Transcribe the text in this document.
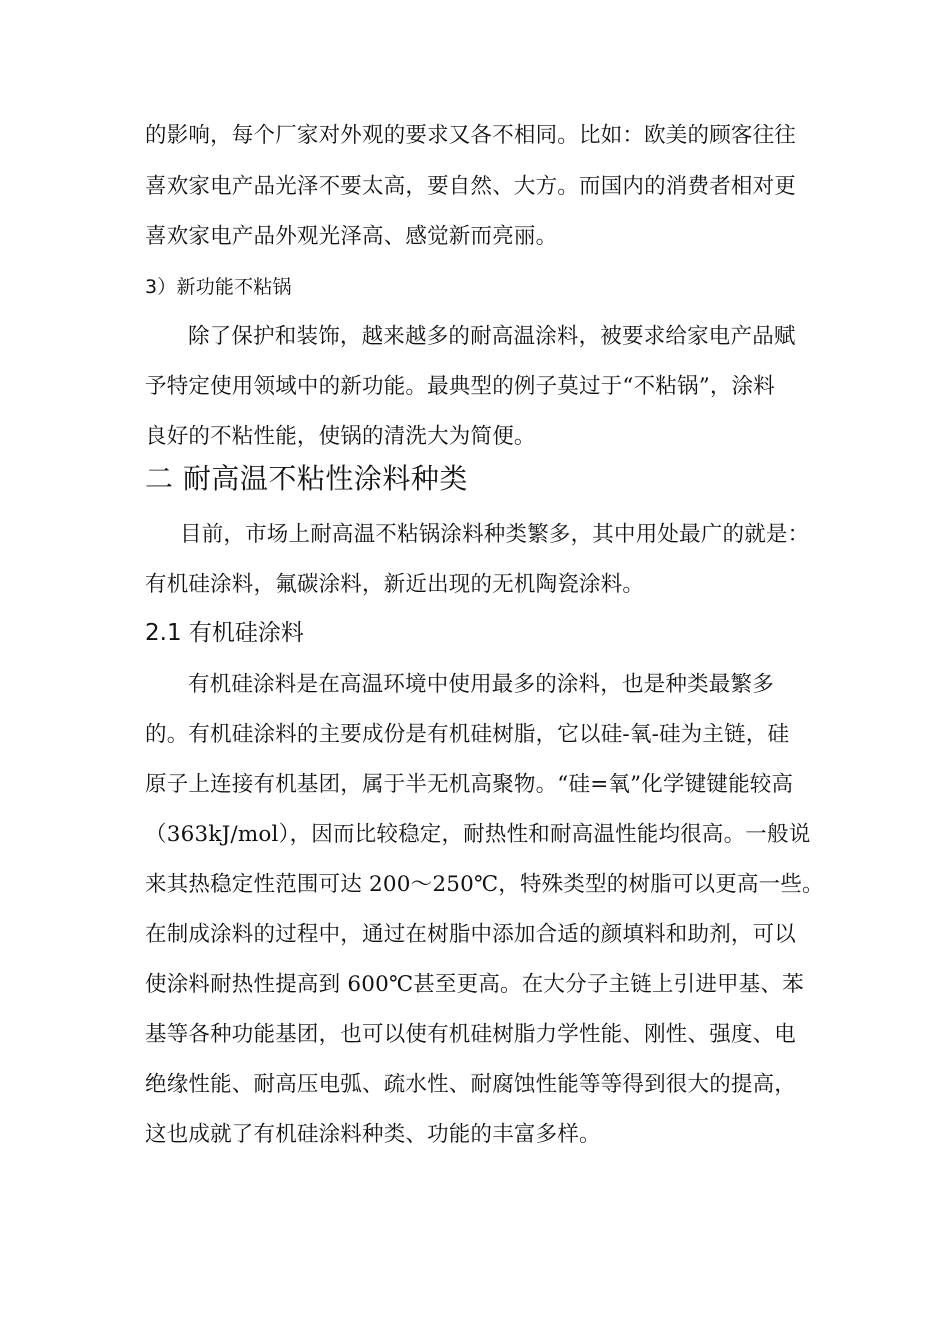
的影响，每个厂家对外观的要求又各不相同。比如：欧美的顾客往往
喜欢家电产品光泽不要太高，要自然、大方。而国内的消费者相对更
喜欢家电产品外观光泽高、感觉新而亮丽。
3）新功能不粘锅
除了保护和装饰，越来越多的耐高温涂料，被要求给家电产品赋
予特定使用领域中的新功能。最典型的例子莫过于“不粘锅”，涂料
良好的不粘性能，使锅的清洗大为简便。
二 耐高温不粘性涂料种类
目前，市场上耐高温不粘锅涂料种类繁多，其中用处最广的就是：
有机硅涂料，氟碳涂料，新近出现的无机陶瓷涂料。
2.1 有机硅涂料
有机硅涂料是在高温环境中使用最多的涂料，也是种类最繁多
的。有机硅涂料的主要成份是有机硅树脂，它以硅-氧-硅为主链，硅
原子上连接有机基团，属于半无机高聚物。“硅=氧”化学键键能较高
（363kJ/mol），因而比较稳定，耐热性和耐高温性能均很高。一般说
来其热稳定性范围可达 200～250℃，特殊类型的树脂可以更高一些。
在制成涂料的过程中，通过在树脂中添加合适的颜填料和助剂，可以
使涂料耐热性提高到 600℃甚至更高。在大分子主链上引进甲基、苯
基等各种功能基团，也可以使有机硅树脂力学性能、刚性、强度、电
绝缘性能、耐高压电弧、疏水性、耐腐蚀性能等等得到很大的提高，
这也成就了有机硅涂料种类、功能的丰富多样。
